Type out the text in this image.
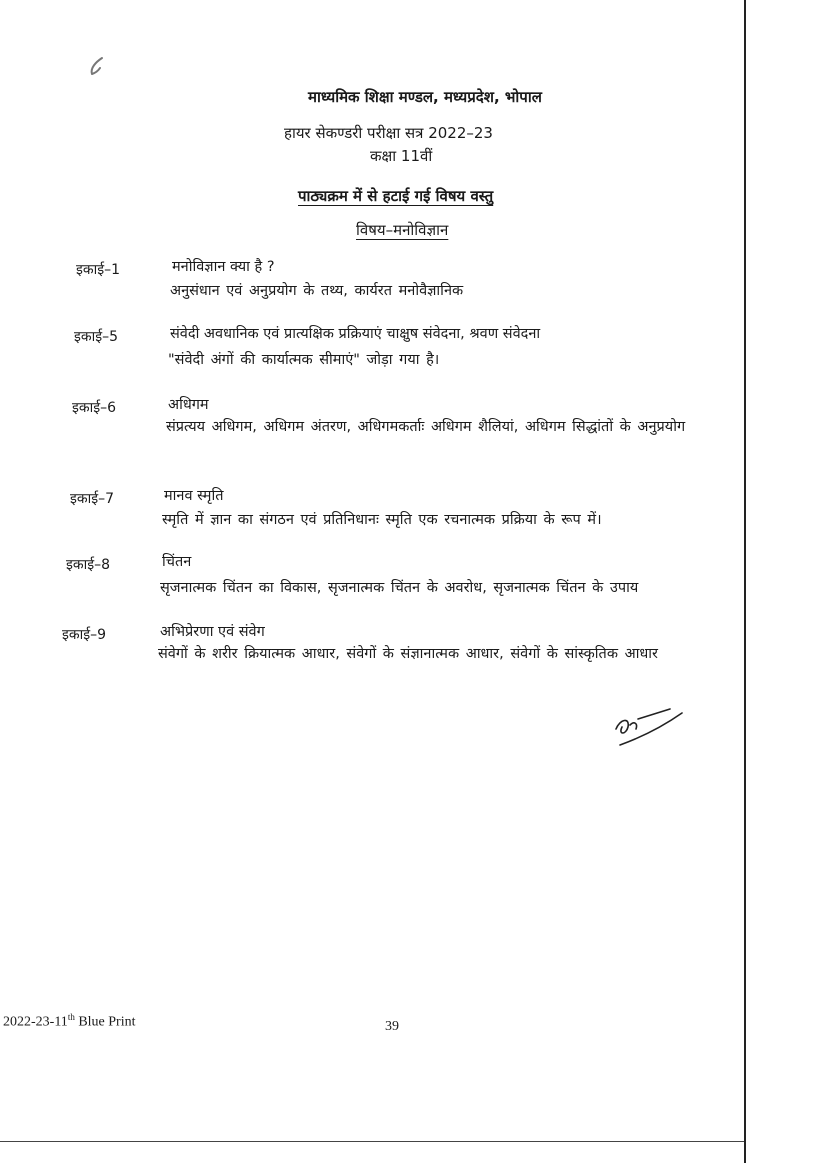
माध्यमिक शिक्षा मण्डल, मध्यप्रदेश, भोपाल
हायर सेकण्डरी परीक्षा सत्र 2022–23
कक्षा 11वीं
पाठ्यक्रम में से हटाई गई विषय वस्तु
विषय–मनोविज्ञान
इकाई–1	मनोविज्ञान क्या है ?
अनुसंधान एवं अनुप्रयोग के तथ्य, कार्यरत मनोवैज्ञानिक
इकाई–5	संवेदी अवधानिक एवं प्रात्यक्षिक प्रक्रियाएं चाक्षुष संवेदना, श्रवण संवेदना
"संवेदी अंगों की कार्यात्मक सीमाएं" जोड़ा गया है।
इकाई–6	अधिगम
संप्रत्यय अधिगम, अधिगम अंतरण, अधिगमकर्ताः अधिगम शैलियां, अधिगम सिद्धांतों के अनुप्रयोग
इकाई–7	मानव स्मृति
स्मृति में ज्ञान का संगठन एवं प्रतिनिधानः स्मृति एक रचनात्मक प्रक्रिया के रूप में।
इकाई–8	चिंतन
सृजनात्मक चिंतन का विकास, सृजनात्मक चिंतन के अवरोध, सृजनात्मक चिंतन के उपाय
इकाई–9	अभिप्रेरणा एवं संवेग
संवेगों के शरीर क्रियात्मक आधार, संवेगों के संज्ञानात्मक आधार, संवेगों के सांस्कृतिक आधार
2022-23-11th Blue Print	39
